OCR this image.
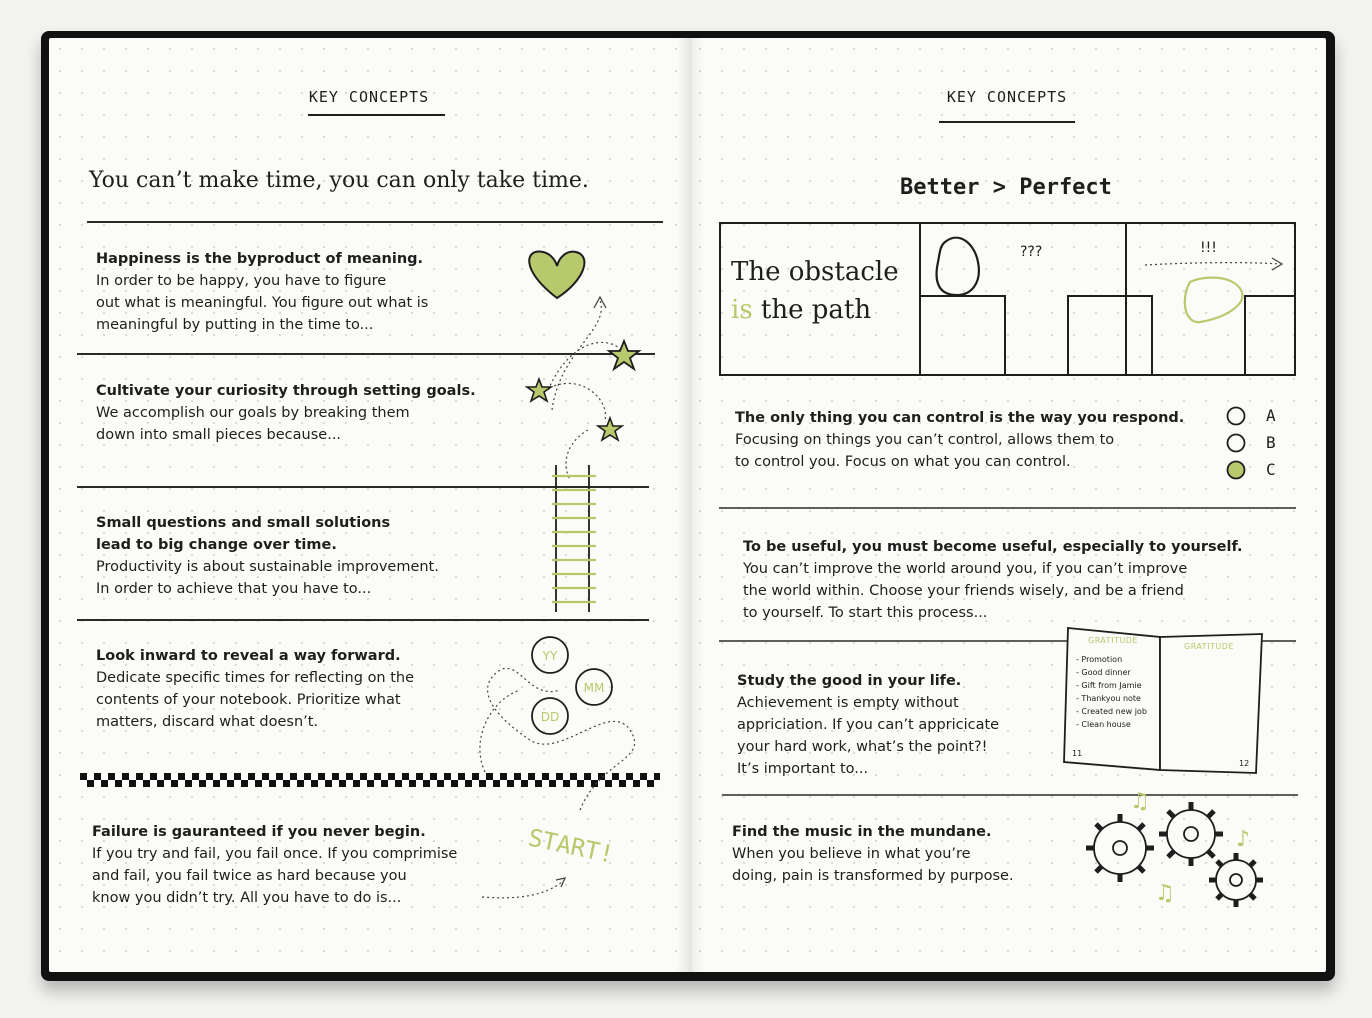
KEY CONCEPTS
You can’t make time, you can only take time.
Happiness is the byproduct of meaning.
In order to be happy, you have to figure
out what is meaningful. You figure out what is
meaningful by putting in the time to...
Cultivate your curiosity through setting goals.
We accomplish our goals by breaking them
down into small pieces because...
Small questions and small solutions
lead to big change over time.
Productivity is about sustainable improvement.
In order to achieve that you have to...
Look inward to reveal a way forward.
Dedicate specific times for reflecting on the
contents of your notebook. Prioritize what
matters, discard what doesn’t.
Failure is gauranteed if you never begin.
If you try and fail, you fail once. If you comprimise
and fail, you fail twice as hard because you
know you didn’t try. All you have to do is...
YY
MM
DD
START!
KEY CONCEPTS
Better > Perfect
The obstacle
is the path
???	!!!
♫
♪
♫
A
B
C
The only thing you can control is the way you respond.
Focusing on things you can’t control, allows them to
to control you. Focus on what you can control.
To be useful, you must become useful, especially to yourself.
You can’t improve the world around you, if you can’t improve
the world within. Choose your friends wisely, and be a friend
to yourself. To start this process...
Study the good in your life.
Achievement is empty without
appriciation. If you can’t appricicate
your hard work, what’s the point?!
It’s important to...
Find the music in the mundane.
When you believe in what you’re
doing, pain is transformed by purpose.
GRATITUDE
GRATITUDE
- Promotion
- Good dinner
- Gift from Jamie
- Thankyou note
- Created new job
- Clean house
11
12
